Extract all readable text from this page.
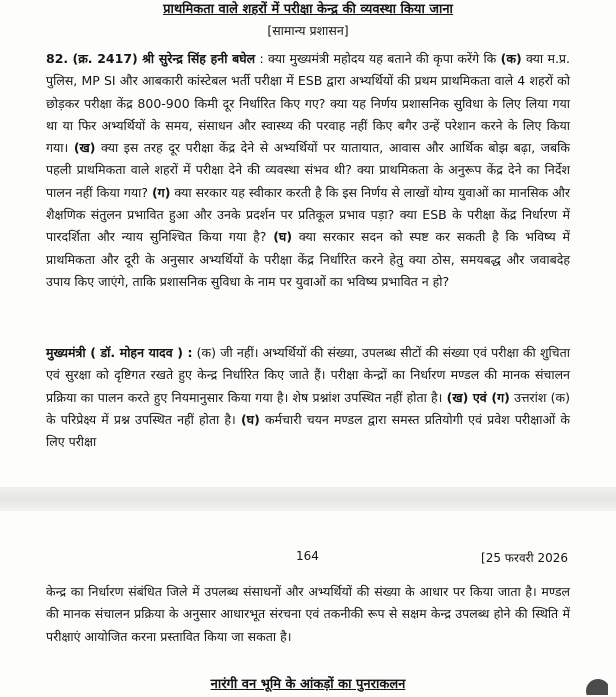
प्राथमिकता वाले शहरों में परीक्षा केन्द्र की व्यवस्था किया जाना
[सामान्य प्रशासन]

82. (क्र. 2417) श्री सुरेन्द्र सिंह हनी बघेल : क्या मुख्यमंत्री महोदय यह बताने की कृपा करेंगे कि (क) क्या म.प्र. पुलिस, MP SI और आबकारी कांस्टेबल भर्ती परीक्षा में ESB द्वारा अभ्यर्थियों की प्रथम प्राथमिकता वाले 4 शहरों को छोड़कर परीक्षा केंद्र 800-900 किमी दूर निर्धारित किए गए? क्या यह निर्णय प्रशासनिक सुविधा के लिए लिया गया था या फिर अभ्यर्थियों के समय, संसाधन और स्वास्थ्य की परवाह नहीं किए बगैर उन्हें परेशान करने के लिए किया गया। (ख) क्या इस तरह दूर परीक्षा केंद्र देने से अभ्यर्थियों पर यातायात, आवास और आर्थिक बोझ बढ़ा, जबकि पहली प्राथमिकता वाले शहरों में परीक्षा देने की व्यवस्था संभव थी? क्या प्राथमिकता के अनुरूप केंद्र देने का निर्देश पालन नहीं किया गया? (ग) क्या सरकार यह स्वीकार करती है कि इस निर्णय से लाखों योग्य युवाओं का मानसिक और शैक्षणिक संतुलन प्रभावित हुआ और उनके प्रदर्शन पर प्रतिकूल प्रभाव पड़ा? क्या ESB के परीक्षा केंद्र निर्धारण में पारदर्शिता और न्याय सुनिश्चित किया गया है? (घ) क्या सरकार सदन को स्पष्ट कर सकती है कि भविष्य में प्राथमिकता और दूरी के अनुसार अभ्यर्थियों के परीक्षा केंद्र निर्धारित करने हेतु क्या ठोस, समयबद्ध और जवाबदेह उपाय किए जाएंगे, ताकि प्रशासनिक सुविधा के नाम पर युवाओं का भविष्य प्रभावित न हो?

मुख्यमंत्री ( डॉ. मोहन यादव ) : (क) जी नहीं। अभ्यर्थियों की संख्या, उपलब्ध सीटों की संख्या एवं परीक्षा की शुचिता एवं सुरक्षा को दृष्टिगत रखते हुए केन्द्र निर्धारित किए जाते हैं। परीक्षा केन्द्रों का निर्धारण मण्डल की मानक संचालन प्रक्रिया का पालन करते हुए नियमानुसार किया गया है। शेष प्रश्नांश उपस्थित नहीं होता है। (ख) एवं (ग) उत्तरांश (क) के परिप्रेक्ष्य में प्रश्न उपस्थित नहीं होता है। (घ) कर्मचारी चयन मण्डल द्वारा समस्त प्रतियोगी एवं प्रवेश परीक्षाओं के लिए परीक्षा

164	[25 फरवरी 2026

केन्द्र का निर्धारण संबंधित जिले में उपलब्ध संसाधनों और अभ्यर्थियों की संख्या के आधार पर किया जाता है। मण्डल की मानक संचालन प्रक्रिया के अनुसार आधारभूत संरचना एवं तकनीकी रूप से सक्षम केन्द्र उपलब्ध होने की स्थिति में परीक्षाएं आयोजित करना प्रस्तावित किया जा सकता है।

नारंगी वन भूमि के आंकड़ों का पुनराकलन
